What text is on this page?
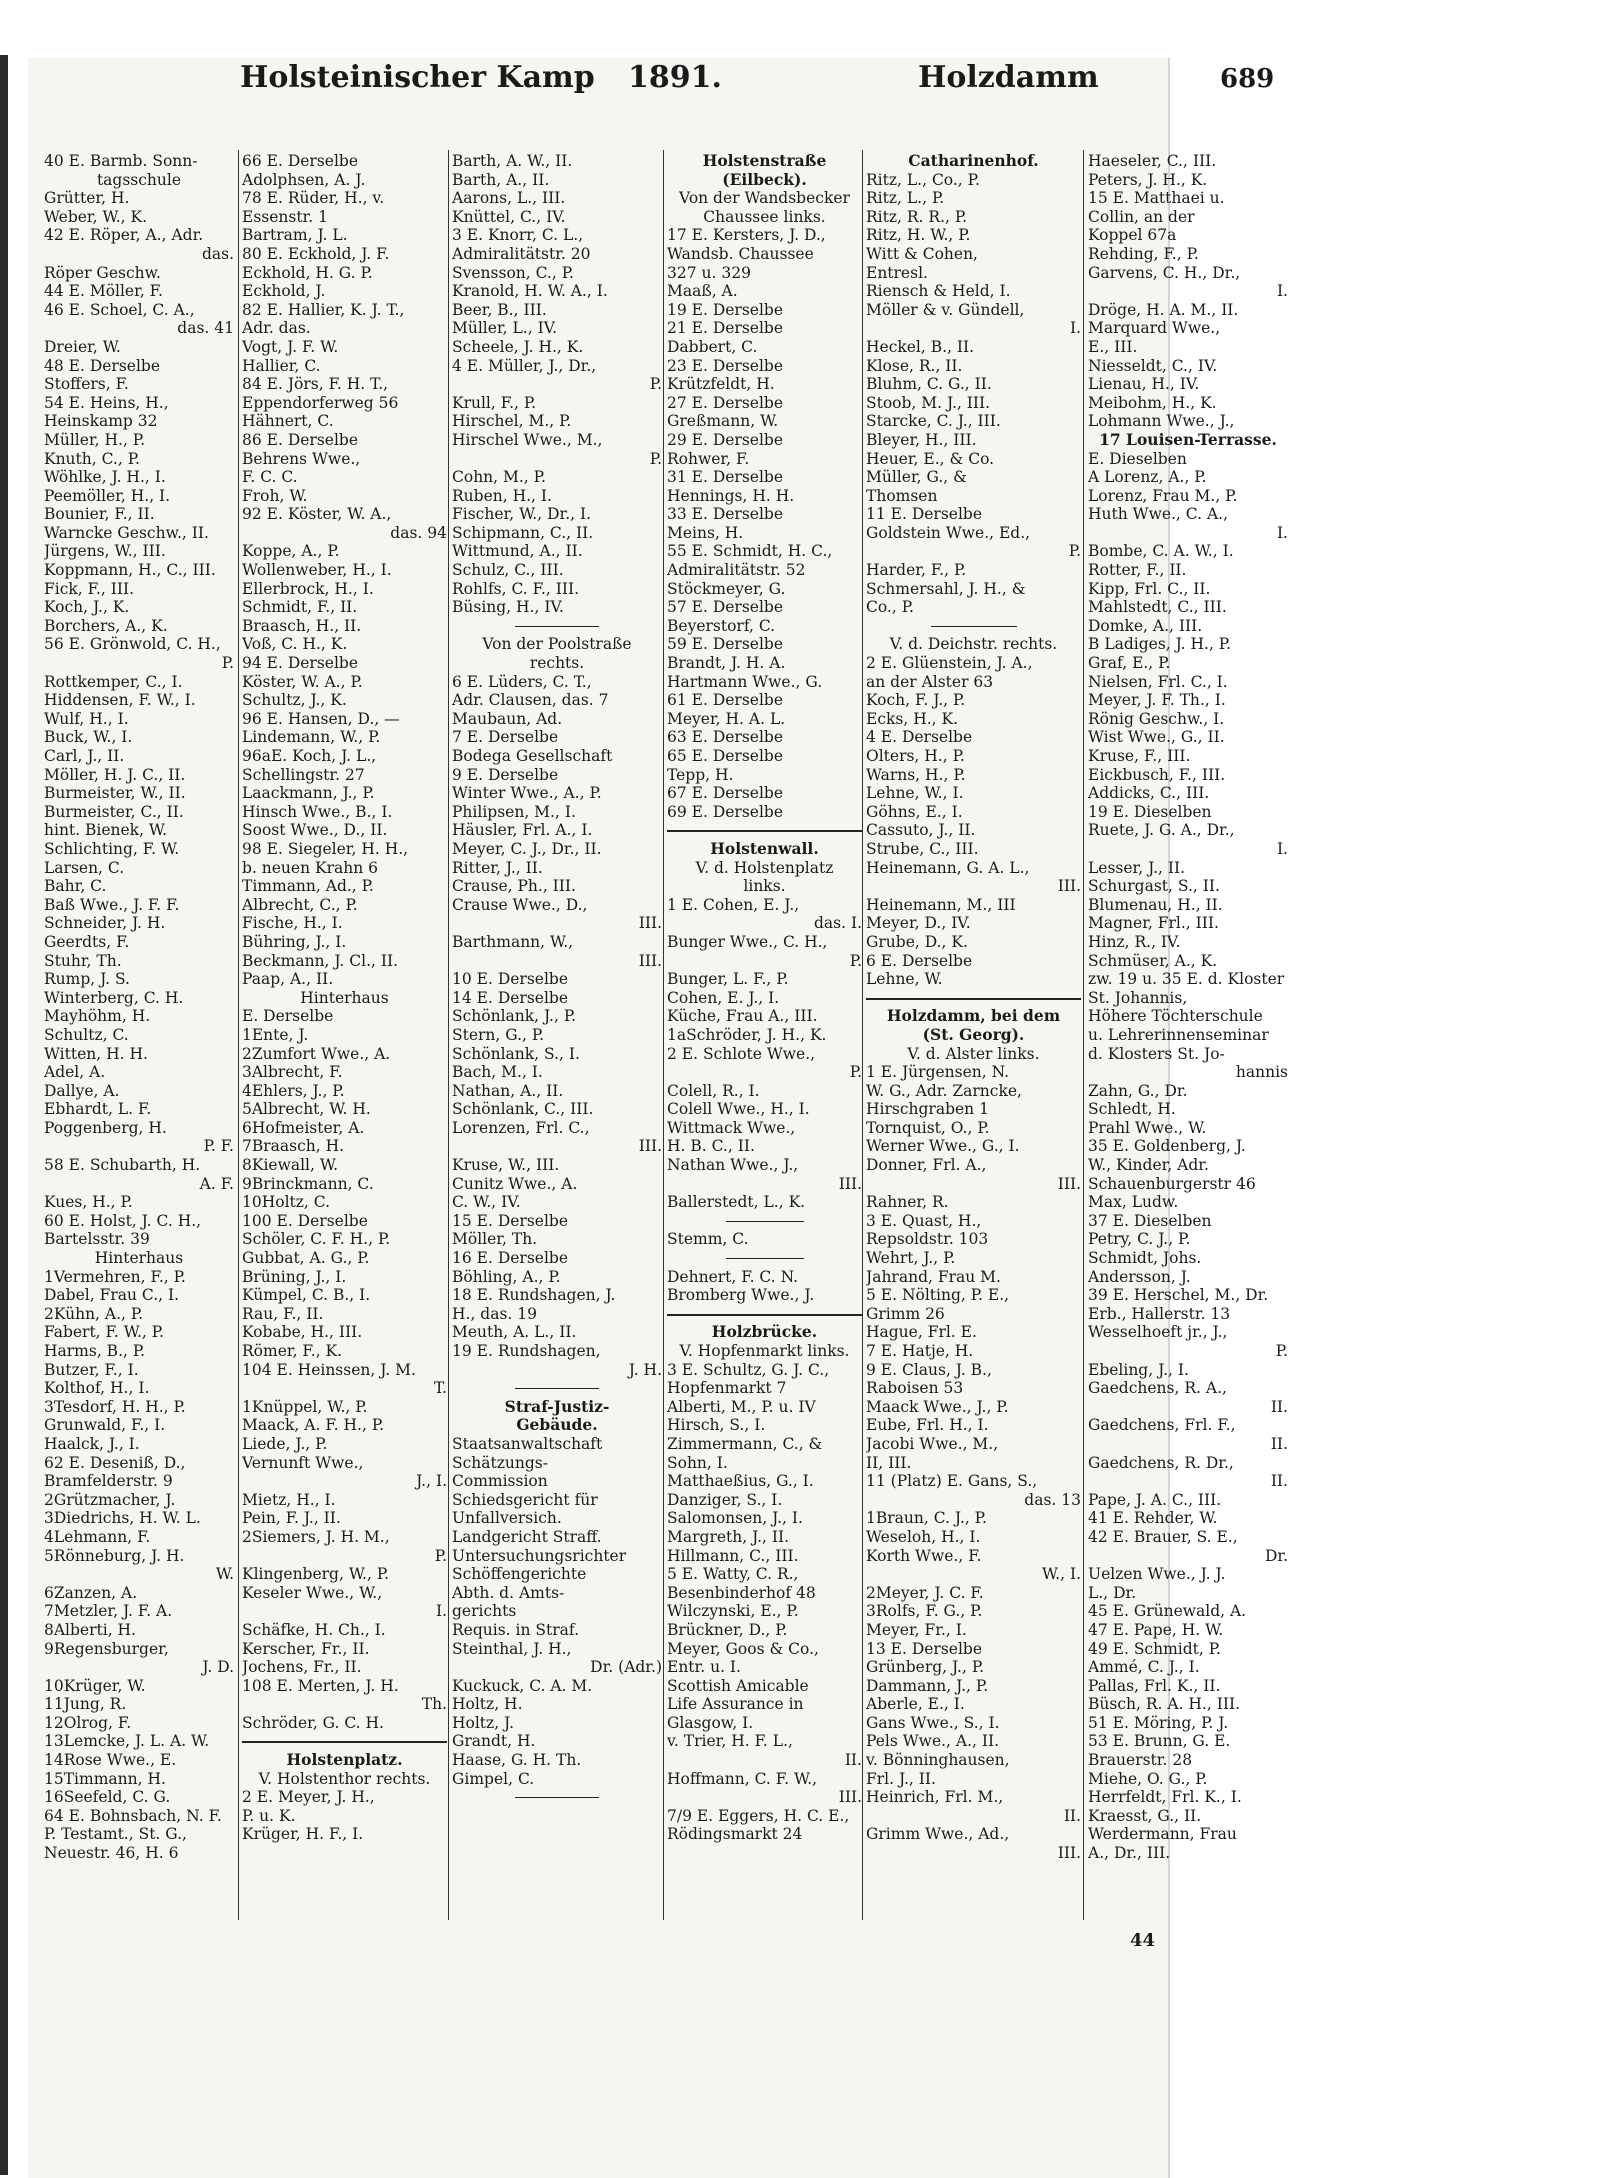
Holsteinischer Kamp 1891.	Holzdamm	689
40 E. Barmb. Sonn-
tagsschule
Grütter, H.
Weber, W., K.
42 E. Röper, A., Adr.
das.
Röper Geschw.
44 E. Möller, F.
46 E. Schoel, C. A.,
das. 41
Dreier, W.
48 E. Derselbe
Stoffers, F.
54 E. Heins, H.,
Heinskamp 32
Müller, H., P.
Knuth, C., P.
Wöhlke, J. H., I.
Peemöller, H., I.
Bounier, F., II.
Warncke Geschw., II.
Jürgens, W., III.
Koppmann, H., C., III.
Fick, F., III.
Koch, J., K.
Borchers, A., K.
56 E. Grönwold, C. H.,
P.
Rottkemper, C., I.
Hiddensen, F. W., I.
Wulf, H., I.
Buck, W., I.
Carl, J., II.
Möller, H. J. C., II.
Burmeister, W., II.
Burmeister, C., II.
hint. Bienek, W.
Schlichting, F. W.
Larsen, C.
Bahr, C.
Baß Wwe., J. F. F.
Schneider, J. H.
Geerdts, F.
Stuhr, Th.
Rump, J. S.
Winterberg, C. H.
Mayhöhm, H.
Schultz, C.
Witten, H. H.
Adel, A.
Dallye, A.
Ebhardt, L. F.
Poggenberg, H.
P. F.
58 E. Schubarth, H.
A. F.
Kues, H., P.
60 E. Holst, J. C. H.,
Bartelsstr. 39
Hinterhaus
1Vermehren, F., P.
Dabel, Frau C., I.
2Kühn, A., P.
Fabert, F. W., P.
Harms, B., P.
Butzer, F., I.
Kolthof, H., I.
3Tesdorf, H. H., P.
Grunwald, F., I.
Haalck, J., I.
62 E. Deseniß, D.,
Bramfelderstr. 9
2Grützmacher, J.
3Diedrichs, H. W. L.
4Lehmann, F.
5Rönneburg, J. H.
W.
6Zanzen, A.
7Metzler, J. F. A.
8Alberti, H.
9Regensburger,
J. D.
10Krüger, W.
11Jung, R.
12Olrog, F.
13Lemcke, J. L. A. W.
14Rose Wwe., E.
15Timmann, H.
16Seefeld, C. G.
64 E. Bohnsbach, N. F.
P. Testamt., St. G.,
Neuestr. 46, H. 6
66 E. Derselbe
Adolphsen, A. J.
78 E. Rüder, H., v.
Essenstr. 1
Bartram, J. L.
80 E. Eckhold, J. F.
Eckhold, H. G. P.
Eckhold, J.
82 E. Hallier, K. J. T.,
Adr. das.
Vogt, J. F. W.
Hallier, C.
84 E. Jörs, F. H. T.,
Eppendorferweg 56
Hähnert, C.
86 E. Derselbe
Behrens Wwe.,
F. C. C.
Froh, W.
92 E. Köster, W. A.,
das. 94
Koppe, A., P.
Wollenweber, H., I.
Ellerbrock, H., I.
Schmidt, F., II.
Braasch, H., II.
Voß, C. H., K.
94 E. Derselbe
Köster, W. A., P.
Schultz, J., K.
96 E. Hansen, D., —
Lindemann, W., P.
96aE. Koch, J. L.,
Schellingstr. 27
Laackmann, J., P.
Hinsch Wwe., B., I.
Soost Wwe., D., II.
98 E. Siegeler, H. H.,
b. neuen Krahn 6
Timmann, Ad., P.
Albrecht, C., P.
Fische, H., I.
Bühring, J., I.
Beckmann, J. Cl., II.
Paap, A., II.
Hinterhaus
E. Derselbe
1Ente, J.
2Zumfort Wwe., A.
3Albrecht, F.
4Ehlers, J., P.
5Albrecht, W. H.
6Hofmeister, A.
7Braasch, H.
8Kiewall, W.
9Brinckmann, C.
10Holtz, C.
100 E. Derselbe
Schöler, C. F. H., P.
Gubbat, A. G., P.
Brüning, J., I.
Kümpel, C. B., I.
Rau, F., II.
Kobabe, H., III.
Römer, F., K.
104 E. Heinssen, J. M.
T.
1Knüppel, W., P.
Maack, A. F. H., P.
Liede, J., P.
Vernunft Wwe.,
J., I.
Mietz, H., I.
Pein, F. J., II.
2Siemers, J. H. M.,
P.
Klingenberg, W., P.
Keseler Wwe., W.,
I.
Schäfke, H. Ch., I.
Kerscher, Fr., II.
Jochens, Fr., II.
108 E. Merten, J. H.
Th.
Schröder, G. C. H.
Holstenplatz.
V. Holstenthor rechts.
2 E. Meyer, J. H.,
P. u. K.
Krüger, H. F., I.
Barth, A. W., II.
Barth, A., II.
Aarons, L., III.
Knüttel, C., IV.
3 E. Knorr, C. L.,
Admiralitätstr. 20
Svensson, C., P.
Kranold, H. W. A., I.
Beer, B., III.
Müller, L., IV.
Scheele, J. H., K.
4 E. Müller, J., Dr.,
P.
Krull, F., P.
Hirschel, M., P.
Hirschel Wwe., M.,
P.
Cohn, M., P.
Ruben, H., I.
Fischer, W., Dr., I.
Schipmann, C., II.
Wittmund, A., II.
Schulz, C., III.
Rohlfs, C. F., III.
Büsing, H., IV.
Von der Poolstraße
rechts.
6 E. Lüders, C. T.,
Adr. Clausen, das. 7
Maubaun, Ad.
7 E. Derselbe
Bodega Gesellschaft
9 E. Derselbe
Winter Wwe., A., P.
Philipsen, M., I.
Häusler, Frl. A., I.
Meyer, C. J., Dr., II.
Ritter, J., II.
Crause, Ph., III.
Crause Wwe., D.,
III.
Barthmann, W.,
III.
10 E. Derselbe
14 E. Derselbe
Schönlank, J., P.
Stern, G., P.
Schönlank, S., I.
Bach, M., I.
Nathan, A., II.
Schönlank, C., III.
Lorenzen, Frl. C.,
III.
Kruse, W., III.
Cunitz Wwe., A.
C. W., IV.
15 E. Derselbe
Möller, Th.
16 E. Derselbe
Böhling, A., P.
18 E. Rundshagen, J.
H., das. 19
Meuth, A. L., II.
19 E. Rundshagen,
J. H.
Straf-Justiz-
Gebäude.
Staatsanwaltschaft
Schätzungs-
Commission
Schiedsgericht für
Unfallversich.
Landgericht Straff.
Untersuchungsrichter
Schöffengerichte
Abth. d. Amts-
gerichts
Requis. in Straf.
Steinthal, J. H.,
Dr. (Adr.)
Kuckuck, C. A. M.
Holtz, H.
Holtz, J.
Grandt, H.
Haase, G. H. Th.
Gimpel, C.
Holstenstraße
(Eilbeck).
Von der Wandsbecker
Chaussee links.
17 E. Kersters, J. D.,
Wandsb. Chaussee
327 u. 329
Maaß, A.
19 E. Derselbe
21 E. Derselbe
Dabbert, C.
23 E. Derselbe
Krützfeldt, H.
27 E. Derselbe
Greßmann, W.
29 E. Derselbe
Rohwer, F.
31 E. Derselbe
Hennings, H. H.
33 E. Derselbe
Meins, H.
55 E. Schmidt, H. C.,
Admiralitätstr. 52
Stöckmeyer, G.
57 E. Derselbe
Beyerstorf, C.
59 E. Derselbe
Brandt, J. H. A.
Hartmann Wwe., G.
61 E. Derselbe
Meyer, H. A. L.
63 E. Derselbe
65 E. Derselbe
Tepp, H.
67 E. Derselbe
69 E. Derselbe
Holstenwall.
V. d. Holstenplatz
links.
1 E. Cohen, E. J.,
das. I.
Bunger Wwe., C. H.,
P.
Bunger, L. F., P.
Cohen, E. J., I.
Küche, Frau A., III.
1aSchröder, J. H., K.
2 E. Schlote Wwe.,
P.
Colell, R., I.
Colell Wwe., H., I.
Wittmack Wwe.,
H. B. C., II.
Nathan Wwe., J.,
III.
Ballerstedt, L., K.
Stemm, C.
Dehnert, F. C. N.
Bromberg Wwe., J.
Holzbrücke.
V. Hopfenmarkt links.
3 E. Schultz, G. J. C.,
Hopfenmarkt 7
Alberti, M., P. u. IV
Hirsch, S., I.
Zimmermann, C., &
Sohn, I.
Matthaeßius, G., I.
Danziger, S., I.
Salomonsen, J., I.
Margreth, J., II.
Hillmann, C., III.
5 E. Watty, C. R.,
Besenbinderhof 48
Wilczynski, E., P.
Brückner, D., P.
Meyer, Goos & Co.,
Entr. u. I.
Scottish Amicable
Life Assurance in
Glasgow, I.
v. Trier, H. F. L.,
II.
Hoffmann, C. F. W.,
III.
7/9 E. Eggers, H. C. E.,
Rödingsmarkt 24
Catharinenhof.
Ritz, L., Co., P.
Ritz, L., P.
Ritz, R. R., P.
Ritz, H. W., P.
Witt & Cohen,
Entresl.
Riensch & Held, I.
Möller & v. Gündell,
I.
Heckel, B., II.
Klose, R., II.
Bluhm, C. G., II.
Stoob, M. J., III.
Starcke, C. J., III.
Bleyer, H., III.
Heuer, E., & Co.
Müller, G., &
Thomsen
11 E. Derselbe
Goldstein Wwe., Ed.,
P.
Harder, F., P.
Schmersahl, J. H., &
Co., P.
V. d. Deichstr. rechts.
2 E. Glüenstein, J. A.,
an der Alster 63
Koch, F. J., P.
Ecks, H., K.
4 E. Derselbe
Olters, H., P.
Warns, H., P.
Lehne, W., I.
Göhns, E., I.
Cassuto, J., II.
Strube, C., III.
Heinemann, G. A. L.,
III.
Heinemann, M., III
Meyer, D., IV.
Grube, D., K.
6 E. Derselbe
Lehne, W.
Holzdamm, bei dem
(St. Georg).
V. d. Alster links.
1 E. Jürgensen, N.
W. G., Adr. Zarncke,
Hirschgraben 1
Tornquist, O., P.
Werner Wwe., G., I.
Donner, Frl. A.,
III.
Rahner, R.
3 E. Quast, H.,
Repsoldstr. 103
Wehrt, J., P.
Jahrand, Frau M.
5 E. Nölting, P. E.,
Grimm 26
Hague, Frl. E.
7 E. Hatje, H.
9 E. Claus, J. B.,
Raboisen 53
Maack Wwe., J., P.
Eube, Frl. H., I.
Jacobi Wwe., M.,
II, III.
11 (Platz) E. Gans, S.,
das. 13
1Braun, C. J., P.
Weseloh, H., I.
Korth Wwe., F.
W., I.
2Meyer, J. C. F.
3Rolfs, F. G., P.
Meyer, Fr., I.
13 E. Derselbe
Grünberg, J., P.
Dammann, J., P.
Aberle, E., I.
Gans Wwe., S., I.
Pels Wwe., A., II.
v. Bönninghausen,
Frl. J., II.
Heinrich, Frl. M.,
II.
Grimm Wwe., Ad.,
III.
Haeseler, C., III.
Peters, J. H., K.
15 E. Matthaei u.
Collin, an der
Koppel 67a
Rehding, F., P.
Garvens, C. H., Dr.,
I.
Dröge, H. A. M., II.
Marquard Wwe.,
E., III.
Niesseldt, C., IV.
Lienau, H., IV.
Meibohm, H., K.
Lohmann Wwe., J.,
17 Louisen-Terrasse.
E. Dieselben
A Lorenz, A., P.
Lorenz, Frau M., P.
Huth Wwe., C. A.,
I.
Bombe, C. A. W., I.
Rotter, F., II.
Kipp, Frl. C., II.
Mahlstedt, C., III.
Domke, A., III.
B Ladiges, J. H., P.
Graf, E., P.
Nielsen, Frl. C., I.
Meyer, J. F. Th., I.
Rönig Geschw., I.
Wist Wwe., G., II.
Kruse, F., III.
Eickbusch, F., III.
Addicks, C., III.
19 E. Dieselben
Ruete, J. G. A., Dr.,
I.
Lesser, J., II.
Schurgast, S., II.
Blumenau, H., II.
Magner, Frl., III.
Hinz, R., IV.
Schmüser, A., K.
zw. 19 u. 35 E. d. Kloster
St. Johannis,
Höhere Töchterschule
u. Lehrerinnenseminar
d. Klosters St. Jo-
hannis
Zahn, G., Dr.
Schledt, H.
Prahl Wwe., W.
35 E. Goldenberg, J.
W., Kinder, Adr.
Schauenburgerstr 46
Max, Ludw.
37 E. Dieselben
Petry, C. J., P.
Schmidt, Johs.
Andersson, J.
39 E. Herschel, M., Dr.
Erb., Hallerstr. 13
Wesselhoeft jr., J.,
P.
Ebeling, J., I.
Gaedchens, R. A.,
II.
Gaedchens, Frl. F.,
II.
Gaedchens, R. Dr.,
II.
Pape, J. A. C., III.
41 E. Rehder, W.
42 E. Brauer, S. E.,
Dr.
Uelzen Wwe., J. J.
L., Dr.
45 E. Grünewald, A.
47 E. Pape, H. W.
49 E. Schmidt, P.
Ammé, C. J., I.
Pallas, Frl. K., II.
Büsch, R. A. H., III.
51 E. Möring, P. J.
53 E. Brunn, G. E.
Brauerstr. 28
Miehe, O. G., P.
Herrfeldt, Frl. K., I.
Kraesst, G., II.
Werdermann, Frau
A., Dr., III.
44
